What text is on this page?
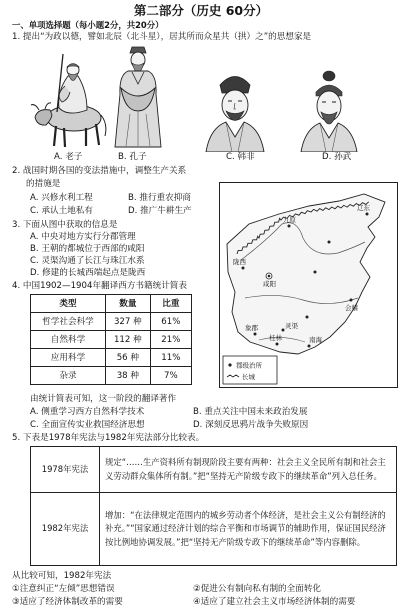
第二部分（历史 60分）
一、单项选择题（每小题2分，共20分）
1. 提出“为政以德，譬如北辰（北斗星），居其所而众星共（拱）之”的思想家是
A. 老子	B. 孔子	C. 韩非	D. 孙武
2. 战国时期各国的变法措施中，调整生产关系
的措施是
A. 兴修水利工程	B. 推行重农抑商
C. 承认土地私有	D. 推广牛耕生产
3. 下面从图中获取的信息是
A. 中央对地方实行分郡管理
B. 王朝的都城位于西部的咸阳
C. 灵渠沟通了长江与珠江水系
D. 修建的长城西端起点是陇西
辽东
九原
陇西
咸阳
会稽
灵渠
桂林	南海
象郡
郡级治所
长城
4. 中国1902—1904年翻译西方书籍统计简表
类型	数量	比重
哲学社会科学	327 种	61%
自然科学	112 种	21%
应用科学	56 种	11%
杂录	38 种	7%
由统计简表可知，这一阶段的翻译著作
A. 侧重学习西方自然科学技术	B. 重点关注中国未来政治发展
C. 全面宣传实业救国经济思想	D. 深刻反思鸦片战争失败原因
5. 下表是1978年宪法与1982年宪法部分比较表。
1978年宪法	规定“……生产资料所有制现阶段主要有两种：社会主义全民所有制和社会主义劳动群众集体所有制。”把“坚持无产阶级专政下的继续革命”列入总任务。
1982年宪法	增加：“在法律规定范围内的城乡劳动者个体经济，是社会主义公有制经济的补充。”“国家通过经济计划的综合平衡和市场调节的辅助作用，保证国民经济按比例地协调发展。”把“坚持无产阶级专政下的继续革命”等内容删除。
从比较可知，1982年宪法
①注意纠正“左倾”思想错误	②促进公有制向私有制的全面转化
③适应了经济体制改革的需要	④适应了建立社会主义市场经济体制的需要
